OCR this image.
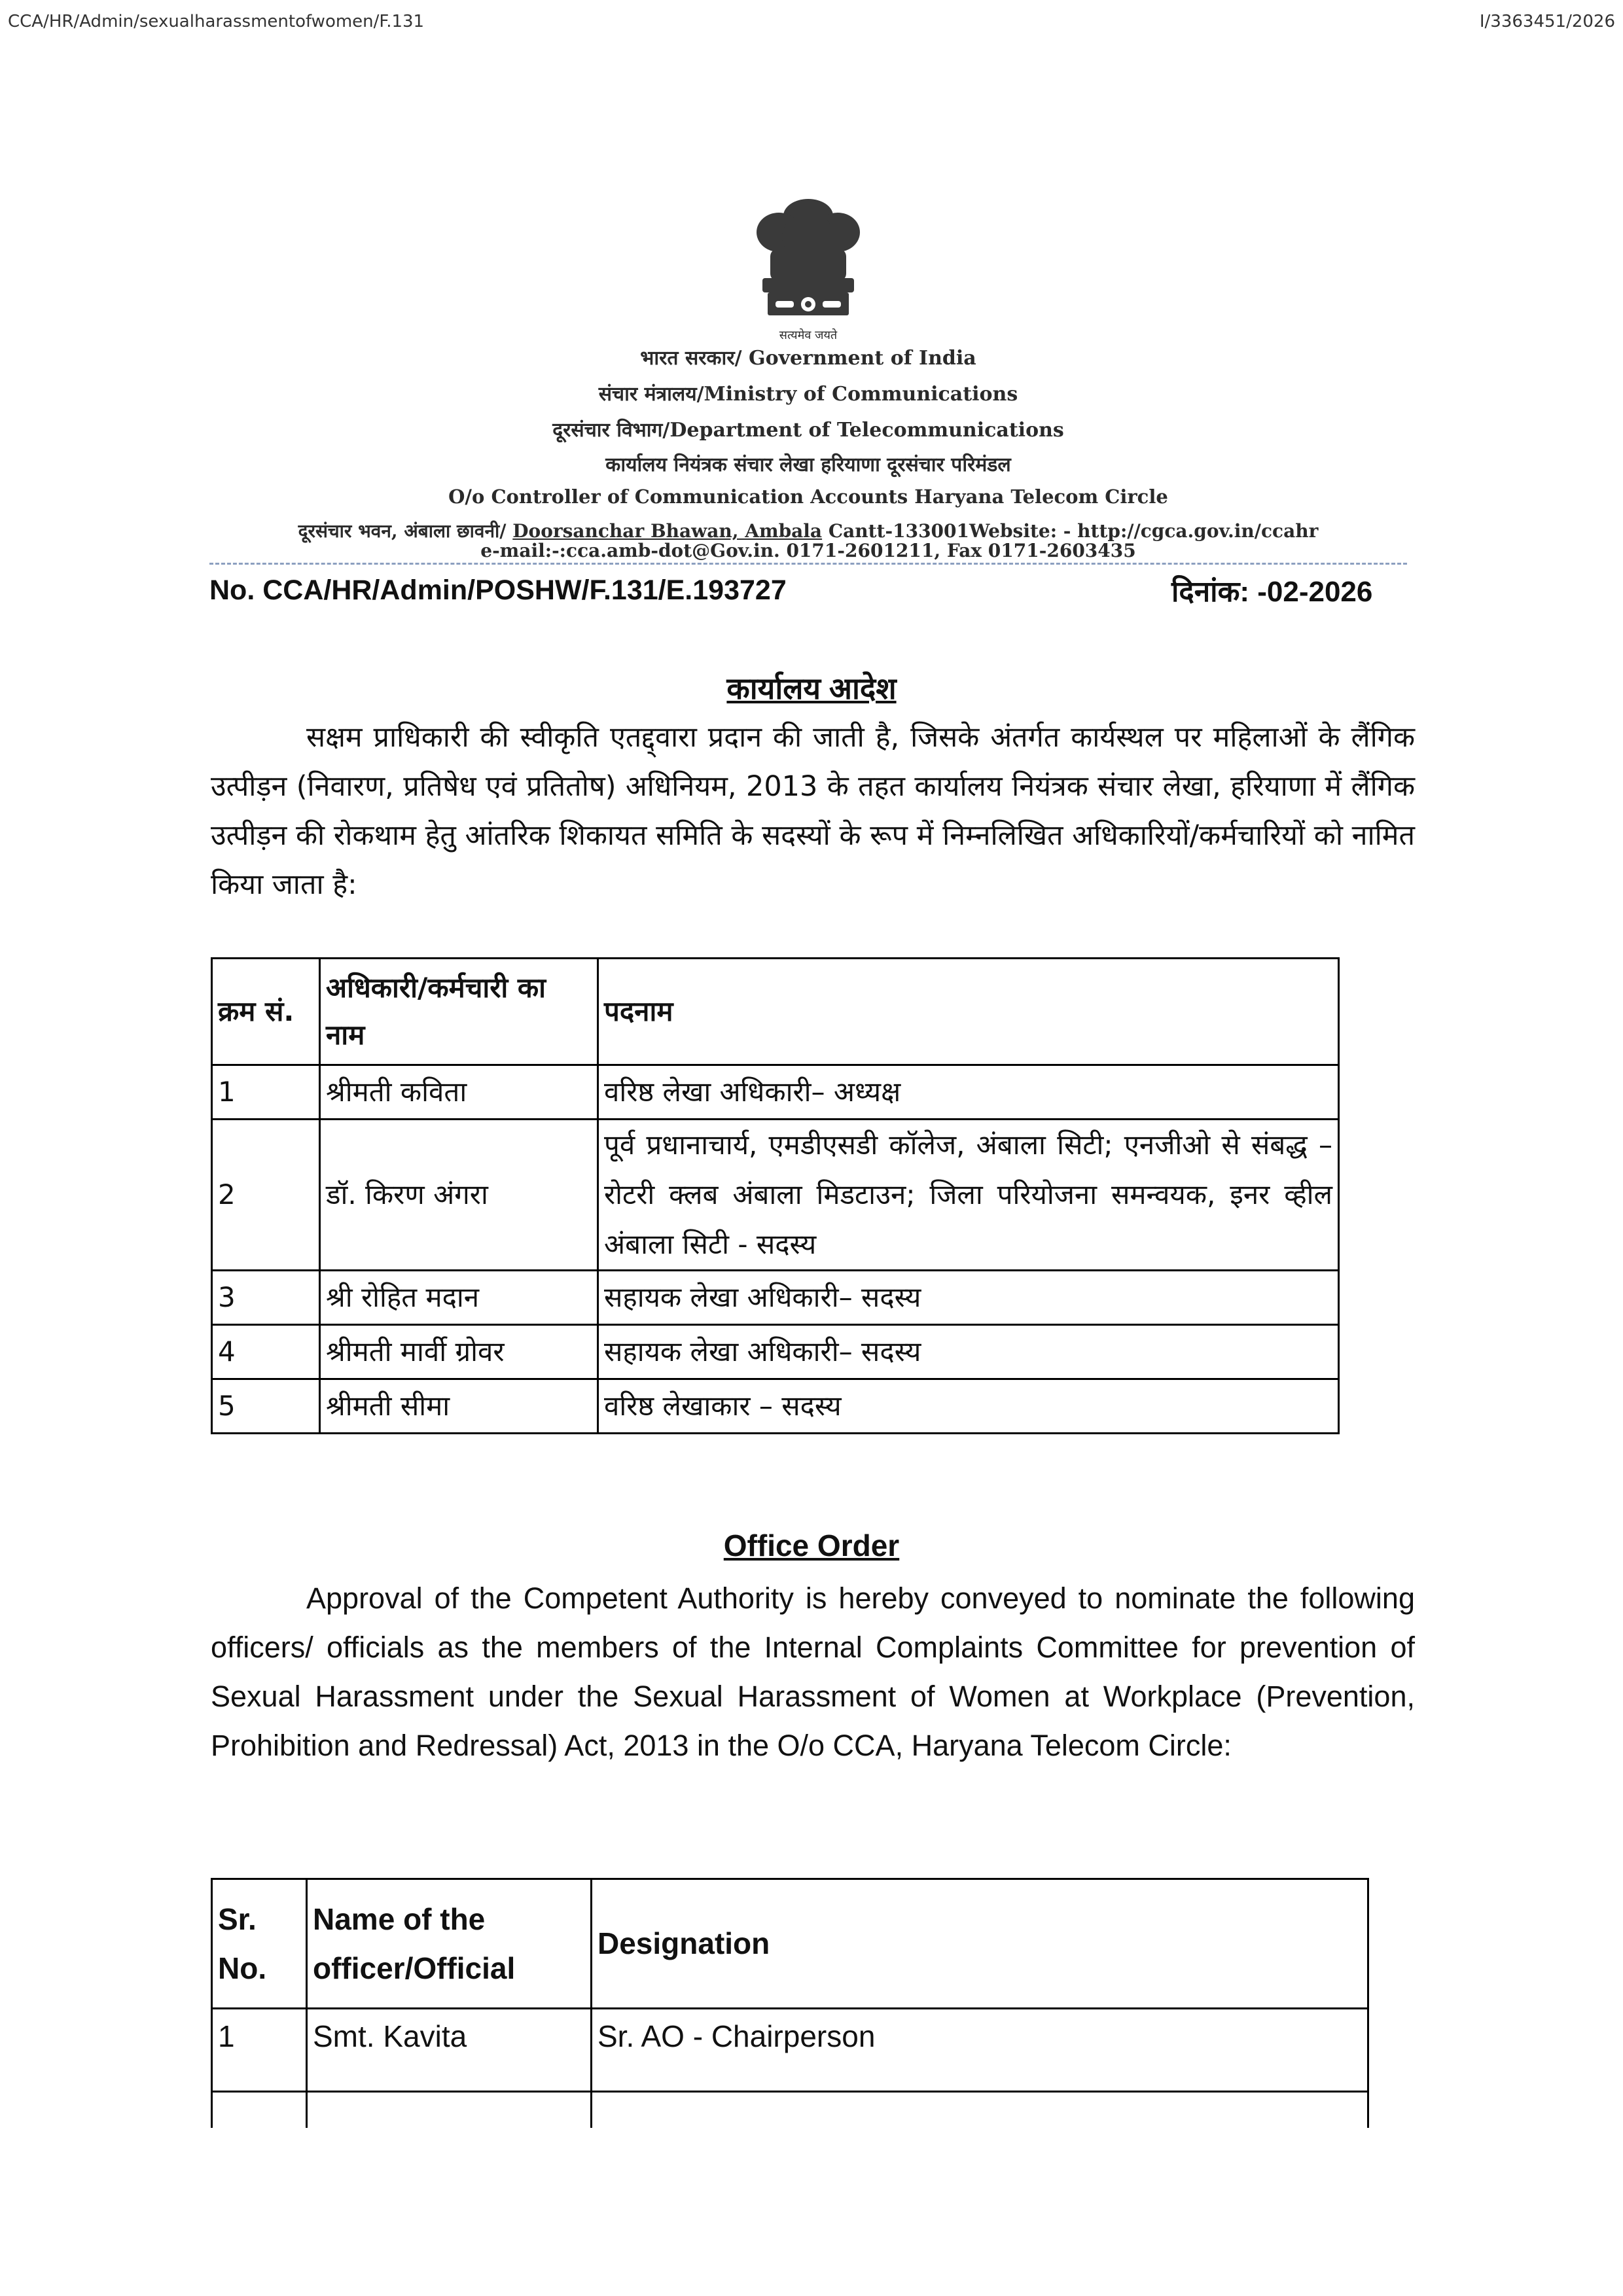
CCA/HR/Admin/sexualharassmentofwomen/F.131	I/3363451/2026
सत्यमेव जयते
भारत सरकार/ Government of India
संचार मंत्रालय/Ministry of Communications
दूरसंचार विभाग/Department of Telecommunications
कार्यालय नियंत्रक संचार लेखा हरियाणा दूरसंचार परिमंडल
O/o Controller of Communication Accounts Haryana Telecom Circle
दूरसंचार भवन, अंबाला छावनी/ Doorsanchar Bhawan, Ambala Cantt-133001Website: - http://cgca.gov.in/ccahr
e-mail:-:cca.amb-dot@Gov.in. 0171-2601211, Fax 0171-2603435
No. CCA/HR/Admin/POSHW/F.131/E.193727	दिनांक: -02-2026
कार्यालय आदेश
सक्षम प्राधिकारी की स्वीकृति एतद्द्वारा प्रदान की जाती है, जिसके अंतर्गत कार्यस्थल पर महिलाओं के लैंगिक उत्पीड़न (निवारण, प्रतिषेध एवं प्रतितोष) अधिनियम, 2013 के तहत कार्यालय नियंत्रक संचार लेखा, हरियाणा में लैंगिक उत्पीड़न की रोकथाम हेतु आंतरिक शिकायत समिति के सदस्यों के रूप में निम्नलिखित अधिकारियों/कर्मचारियों को नामित किया जाता है:
क्रम सं.	अधिकारी/कर्मचारी का नाम	पदनाम
1	श्रीमती कविता	वरिष्ठ लेखा अधिकारी– अध्यक्ष
2	डॉ. किरण अंगरा	पूर्व प्रधानाचार्य, एमडीएसडी कॉलेज, अंबाला सिटी; एनजीओ से संबद्ध – रोटरी क्लब अंबाला मिडटाउन; जिला परियोजना समन्वयक, इनर व्हील अंबाला सिटी - सदस्य
3	श्री रोहित मदान	सहायक लेखा अधिकारी– सदस्य
4	श्रीमती मार्वी ग्रोवर	सहायक लेखा अधिकारी– सदस्य
5	श्रीमती सीमा	वरिष्ठ लेखाकार – सदस्य
Office Order
Approval of the Competent Authority is hereby conveyed to nominate the following officers/ officials as the members of the Internal Complaints Committee for prevention of Sexual Harassment under the Sexual Harassment of Women at Workplace (Prevention, Prohibition and Redressal) Act, 2013 in the O/o CCA, Haryana Telecom Circle:
Sr. No.	Name of the officer/Official	Designation
1	Smt. Kavita	Sr. AO - Chairperson
